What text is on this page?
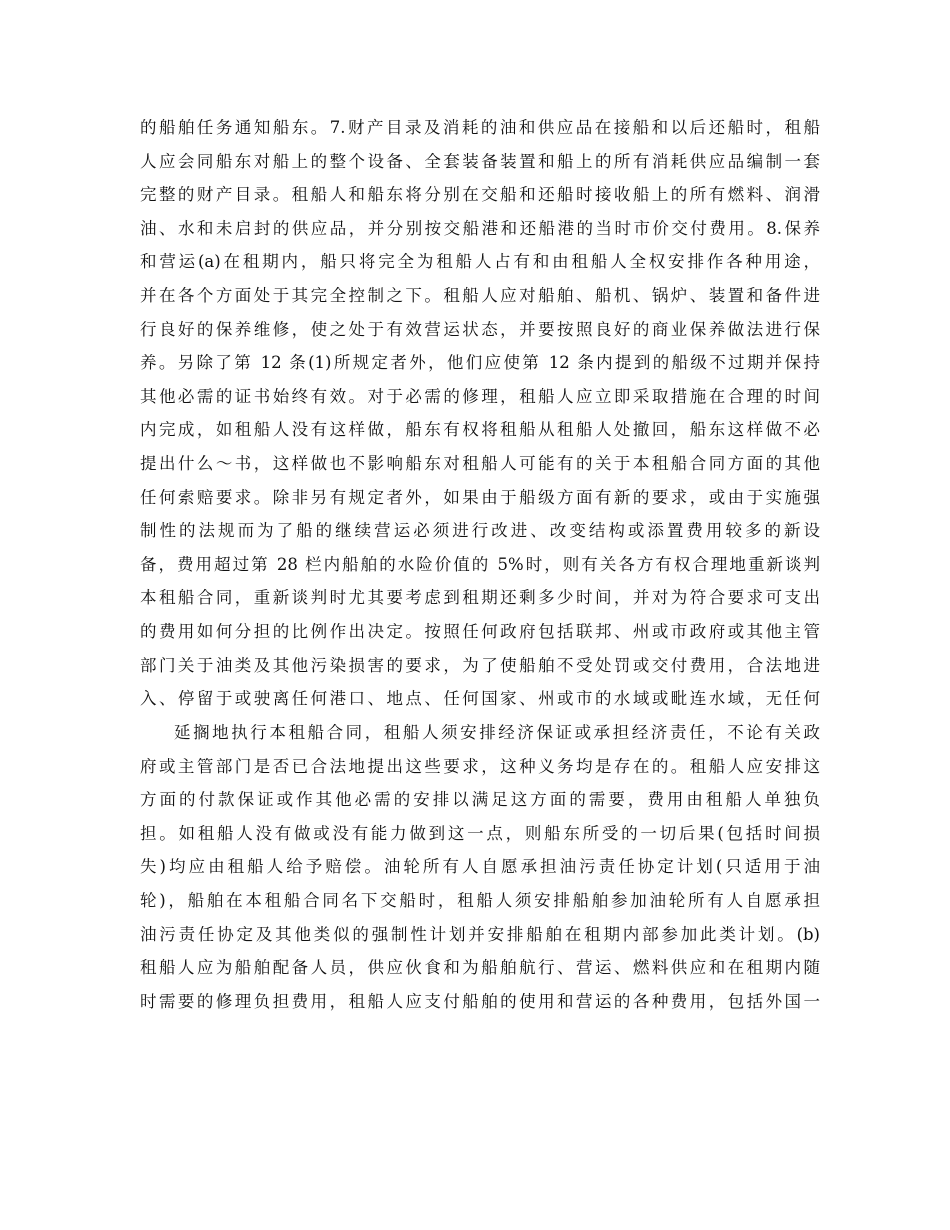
的船舶任务通知船东。7.财产目录及消耗的油和供应品在接船和以后还船时，租船
人应会同船东对船上的整个设备、全套装备装置和船上的所有消耗供应品编制一套
完整的财产目录。租船人和船东将分别在交船和还船时接收船上的所有燃料、润滑
油、水和未启封的供应品，并分别按交船港和还船港的当时市价交付费用。8.保养
和营运(a)在租期内，船只将完全为租船人占有和由租船人全权安排作各种用途，
并在各个方面处于其完全控制之下。租船人应对船舶、船机、锅炉、装置和备件进
行良好的保养维修，使之处于有效营运状态，并要按照良好的商业保养做法进行保
养。另除了第 12 条(1)所规定者外，他们应使第 12 条内提到的船级不过期并保持
其他必需的证书始终有效。对于必需的修理，租船人应立即采取措施在合理的时间
内完成，如租船人没有这样做，船东有权将租船从租船人处撤回，船东这样做不必
提出什么～书，这样做也不影响船东对租船人可能有的关于本租船合同方面的其他
任何索赔要求。除非另有规定者外，如果由于船级方面有新的要求，或由于实施强
制性的法规而为了船的继续营运必须进行改进、改变结构或添置费用较多的新设
备，费用超过第 28 栏内船舶的水险价值的 5%时，则有关各方有权合理地重新谈判
本租船合同，重新谈判时尤其要考虑到租期还剩多少时间，并对为符合要求可支出
的费用如何分担的比例作出决定。按照任何政府包括联邦、州或市政府或其他主管
部门关于油类及其他污染损害的要求，为了使船舶不受处罚或交付费用，合法地进
入、停留于或驶离任何港口、地点、任何国家、州或市的水域或毗连水域，无任何
延搁地执行本租船合同，租船人须安排经济保证或承担经济责任，不论有关政
府或主管部门是否已合法地提出这些要求，这种义务均是存在的。租船人应安排这
方面的付款保证或作其他必需的安排以满足这方面的需要，费用由租船人单独负
担。如租船人没有做或没有能力做到这一点，则船东所受的一切后果(包括时间损
失)均应由租船人给予赔偿。油轮所有人自愿承担油污责任协定计划(只适用于油
轮)，船舶在本租船合同名下交船时，租船人须安排船舶参加油轮所有人自愿承担
油污责任协定及其他类似的强制性计划并安排船舶在租期内部参加此类计划。(b)
租船人应为船舶配备人员，供应伙食和为船舶航行、营运、燃料供应和在租期内随
时需要的修理负担费用，租船人应支付船舶的使用和营运的各种费用，包括外国一
